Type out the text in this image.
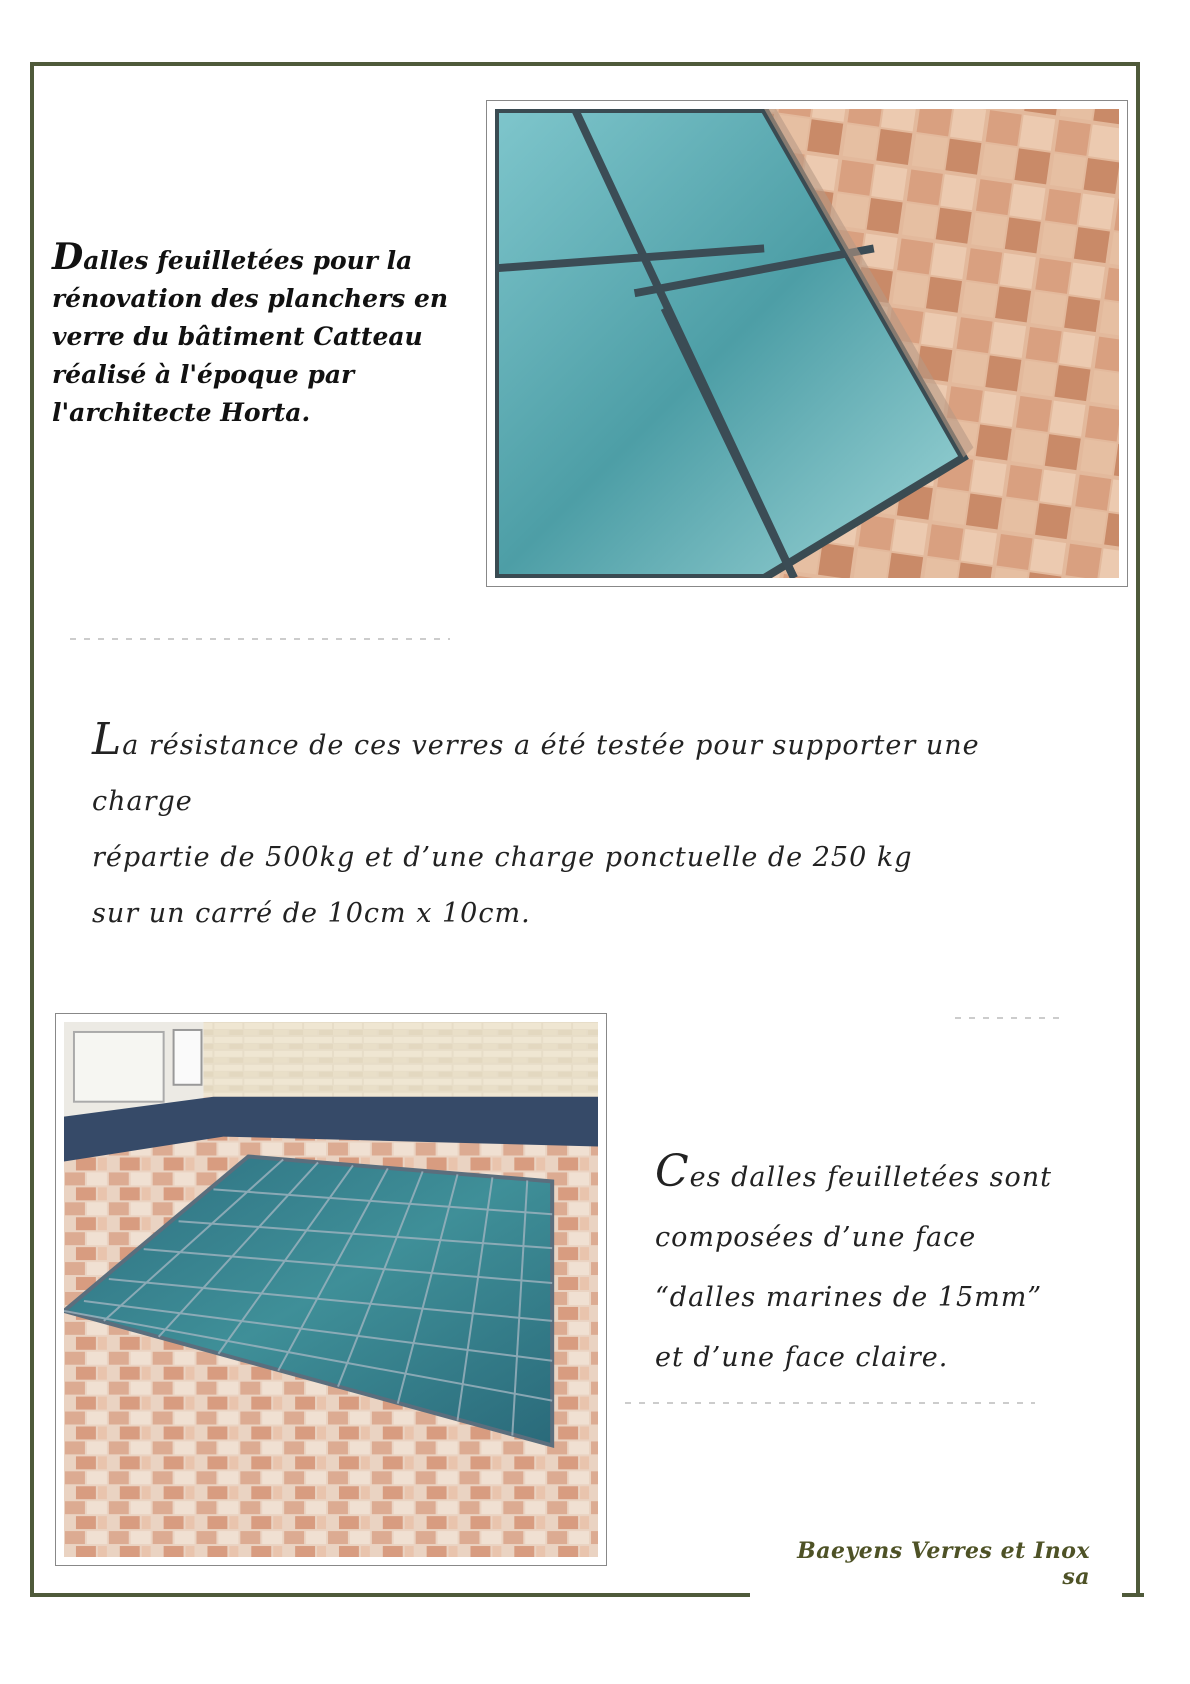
Dalles feuilletées pour la rénovation des planchers en verre du bâtiment Catteau réalisé à l'époque par l'architecte Horta.
La résistance de ces verres a été testée pour supporter une charge
répartie de 500kg et d’une charge ponctuelle de 250 kg
sur un carré de 10cm x 10cm.
Ces dalles feuilletées sont
composées d’une face
“dalles marines de 15mm”
et d’une face claire.
Baeyens Verres et Inox sa
